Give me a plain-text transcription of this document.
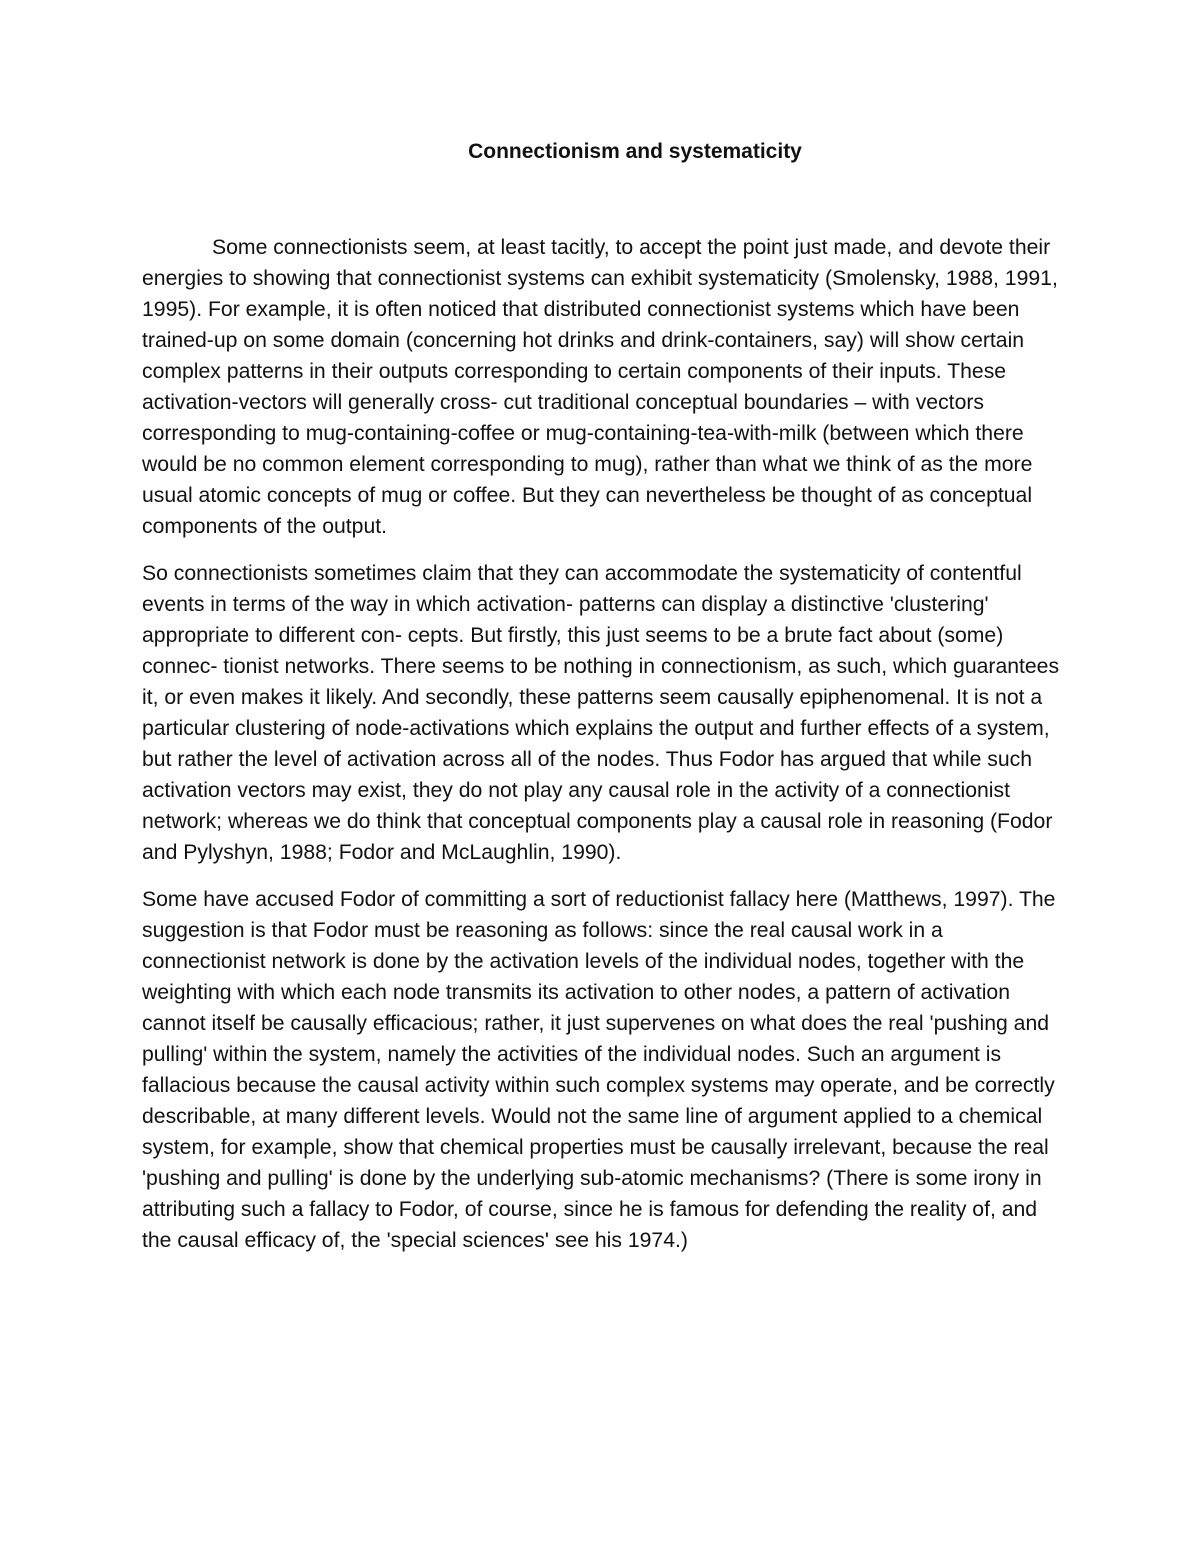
Connectionism and systematicity

Some connectionists seem, at least tacitly, to accept the point just made, and devote their energies to showing that connectionist systems can exhibit systematicity (Smolensky, 1988, 1991, 1995). For example, it is often noticed that distributed connectionist systems which have been trained-up on some domain (concerning hot drinks and drink-containers, say) will show certain complex patterns in their outputs corresponding to certain components of their inputs. These activation-vectors will generally cross- cut traditional conceptual boundaries – with vectors corresponding to mug-containing-coffee or mug-containing-tea-with-milk (between which there would be no common element corresponding to mug), rather than what we think of as the more usual atomic concepts of mug or coffee. But they can nevertheless be thought of as conceptual components of the output.

So connectionists sometimes claim that they can accommodate the systematicity of contentful events in terms of the way in which activation- patterns can display a distinctive 'clustering' appropriate to different con- cepts. But firstly, this just seems to be a brute fact about (some) connec- tionist networks. There seems to be nothing in connectionism, as such, which guarantees it, or even makes it likely. And secondly, these patterns seem causally epiphenomenal. It is not a particular clustering of node-activations which explains the output and further effects of a system, but rather the level of activation across all of the nodes. Thus Fodor has argued that while such activation vectors may exist, they do not play any causal role in the activity of a connectionist network; whereas we do think that conceptual components play a causal role in reasoning (Fodor and Pylyshyn, 1988; Fodor and McLaughlin, 1990).

Some have accused Fodor of committing a sort of reductionist fallacy here (Matthews, 1997). The suggestion is that Fodor must be reasoning as follows: since the real causal work in a connectionist network is done by the activation levels of the individual nodes, together with the weighting with which each node transmits its activation to other nodes, a pattern of activation cannot itself be causally efficacious; rather, it just supervenes on what does the real 'pushing and pulling' within the system, namely the activities of the individual nodes. Such an argument is fallacious because the causal activity within such complex systems may operate, and be correctly describable, at many different levels. Would not the same line of argument applied to a chemical system, for example, show that chemical properties must be causally irrelevant, because the real 'pushing and pulling' is done by the underlying sub-atomic mechanisms? (There is some irony in attributing such a fallacy to Fodor, of course, since he is famous for defending the reality of, and the causal efficacy of, the 'special sciences' see his 1974.)
